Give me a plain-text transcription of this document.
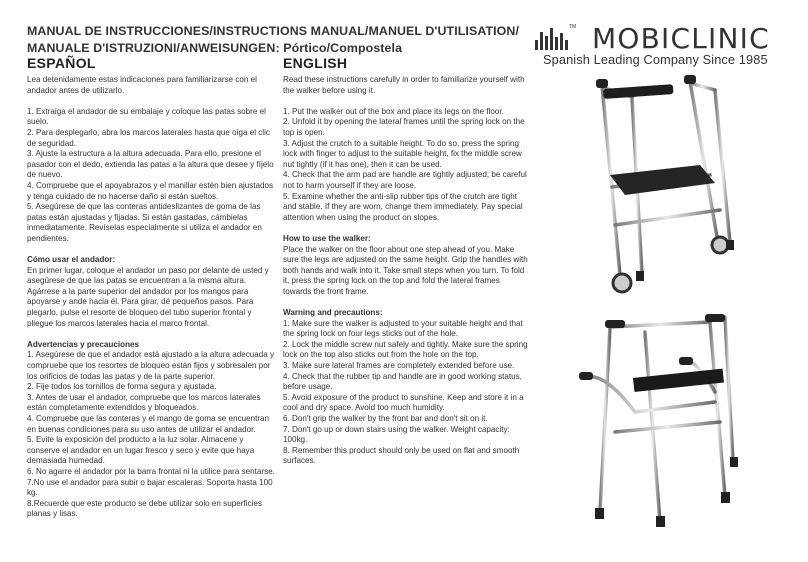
MANUAL DE INSTRUCCIONES/INSTRUCTIONS MANUAL/MANUEL D'UTILISATION/ MANUALE D'ISTRUZIONI/ANWEISUNGEN: Pórtico/Compostela
TM MOBICLINIC
Spanish Leading Company Since 1985
ESPAÑOL

Lea detenidamente estas indicaciones para familiarizarse con el andador antes de utilizarlo.

1. Extraiga el andador de su embalaje y coloque las patas sobre el suelo.

2. Para desplegarlo, abra los marcos laterales hasta que oiga el clic de seguridad.

3. Ajuste la estructura a la altura adecuada. Para ello, presione el pasador con el dedo, extienda las patas a la altura que desee y fíjelo de nuevo.

4. Compruebe que el apoyabrazos y el manillar estén bien ajustados y tenga cuidado de no hacerse daño si están sueltos.

5. Asegúrese de que las conteras antideslizantes de goma de las patas están ajustadas y fijadas. Si están gastadas, cámbielas inmediatamente. Revíselas especialmente si utiliza el andador en pendientes.

Cómo usar el andador:

En primer lugar, coloque el andador un paso por delante de usted y asegúrese de que las patas se encuentran a la misma altura. Agárrese a la parte superior del andador por los mangos para apoyarse y ande hacia él. Para girar, dé pequeños pasos. Para plegarlo, pulse el resorte de bloqueo del tubo superior frontal y pliegue los marcos laterales hacia el marco frontal.

Advertencias y precauciones

1. Asegúrese de que el andador está ajustado a la altura adecuada y compruebe que los resortes de bloqueo están fijos y sobresalen por los orificios de todas las patas y de la parte superior.

2. Fije todos los tornillos de forma segura y ajustada.

3. Antes de usar el andador, compruebe que los marcos laterales están completamente extendidos y bloqueados.

4. Compruebe que las conteras y el mango de goma se encuentran en buenas condiciones para su uso antes de utilizar el andador.

5. Evite la exposición del producto a la luz solar. Almacene y conserve el andador en un lugar fresco y seco y evite que haya demasiada humedad.

6. No agarre el andador por la barra frontal ni la utilice para sentarse.

7.No use el andador para subir o bajar escaleras. Soporta hasta 100 kg.

8.Recuerde que este producto se debe utilizar solo en superficies planas y lisas.

ENGLISH

Read these instructions carefully in order to familiarize yourself with the walker before using it.

1. Put the walker out of the box and place its legs on the floor.

2. Unfold it by opening the lateral frames until the spring lock on the top is open.

3. Adjust the crutch to a suitable height. To do so, press the spring lock with finger to adjust to the suitable height, fix the middle screw nut tightly (if it has one), then it can be used.

4. Check that the arm pad are handle are tightly adjusted; be careful not to harm yourself if they are loose.

5. Examine whether the anti-slip rubber tips of the crutch are tight and stable. If they are worn, change them immediately. Pay special attention when using the product on slopes.

How to use the walker:

Place the walker on the floor about one step ahead of you. Make sure the legs are adjusted on the same height. Grip the handles with both hands and walk into it. Take small steps when you turn. To fold it, press the spring lock on the top and fold the lateral frames towards the front frame.

Warning and precautions:

1. Make sure the walker is adjusted to your suitable height and that the spring lock on four legs sticks out of the hole.

2. Lock the middle screw nut safely and tightly. Make sure the spring lock on the top also sticks out from the hole on the top.

3. Make sure lateral frames are completely extended before use.

4. Check that the rubber tip and handle are in good working status, before usage.

5. Avoid exposure of the product to sunshine. Keep and store it in a cool and dry space. Avoid too much humidity.

6. Don't grip the walker by the front bar and don't sit on it.

7. Don't go up or down stairs using the walker. Weight capacity: 100kg.

8. Remember this product should only be used on flat and smooth surfaces.
